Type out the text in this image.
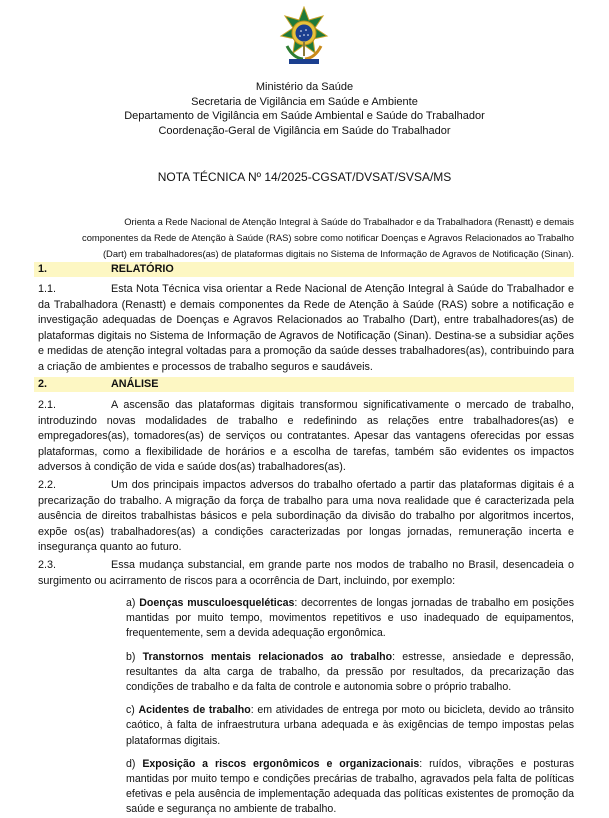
Ministério da Saúde
Secretaria de Vigilância em Saúde e Ambiente
Departamento de Vigilância em Saúde Ambiental e Saúde do Trabalhador
Coordenação-Geral de Vigilância em Saúde do Trabalhador
NOTA TÉCNICA Nº 14/2025-CGSAT/DVSAT/SVSA/MS
Orienta a Rede Nacional de Atenção Integral à Saúde do Trabalhador e da Trabalhadora (Renastt) e demais
componentes da Rede de Atenção à Saúde (RAS) sobre como notificar Doenças e Agravos Relacionados ao Trabalho
(Dart) em trabalhadores(as) de plataformas digitais no Sistema de Informação de Agravos de Notificação (Sinan).
1.	RELATÓRIO
1.1.	Esta Nota Técnica visa orientar a Rede Nacional de Atenção Integral à Saúde do Trabalhador e da Trabalhadora (Renastt) e demais componentes da Rede de Atenção à Saúde (RAS) sobre a notificação e investigação adequadas de Doenças e Agravos Relacionados ao Trabalho (Dart), entre trabalhadores(as) de plataformas digitais no Sistema de Informação de Agravos de Notificação (Sinan). Destina-se a subsidiar ações e medidas de atenção integral voltadas para a promoção da saúde desses trabalhadores(as), contribuindo para a criação de ambientes e processos de trabalho seguros e saudáveis.
2.	ANÁLISE
2.1.	A ascensão das plataformas digitais transformou significativamente o mercado de trabalho, introduzindo novas modalidades de trabalho e redefinindo as relações entre trabalhadores(as) e empregadores(as), tomadores(as) de serviços ou contratantes. Apesar das vantagens oferecidas por essas plataformas, como a flexibilidade de horários e a escolha de tarefas, também são evidentes os impactos adversos à condição de vida e saúde dos(as) trabalhadores(as).
2.2.	Um dos principais impactos adversos do trabalho ofertado a partir das plataformas digitais é a precarização do trabalho. A migração da força de trabalho para uma nova realidade que é caracterizada pela ausência de direitos trabalhistas básicos e pela subordinação da divisão do trabalho por algoritmos incertos, expõe os(as) trabalhadores(as) a condições caracterizadas por longas jornadas, remuneração incerta e insegurança quanto ao futuro.
2.3.	Essa mudança substancial, em grande parte nos modos de trabalho no Brasil, desencadeia o surgimento ou acirramento de riscos para a ocorrência de Dart, incluindo, por exemplo:

a) Doenças musculoesqueléticas: decorrentes de longas jornadas de trabalho em posições mantidas por muito tempo, movimentos repetitivos e uso inadequado de equipamentos, frequentemente, sem a devida adequação ergonômica.

b) Transtornos mentais relacionados ao trabalho: estresse, ansiedade e depressão, resultantes da alta carga de trabalho, da pressão por resultados, da precarização das condições de trabalho e da falta de controle e autonomia sobre o próprio trabalho.

c) Acidentes de trabalho: em atividades de entrega por moto ou bicicleta, devido ao trânsito caótico, à falta de infraestrutura urbana adequada e às exigências de tempo impostas pelas plataformas digitais.

d) Exposição a riscos ergonômicos e organizacionais: ruídos, vibrações e posturas mantidas por muito tempo e condições precárias de trabalho, agravados pela falta de políticas efetivas e pela ausência de implementação adequada das políticas existentes de promoção da saúde e segurança no ambiente de trabalho.
